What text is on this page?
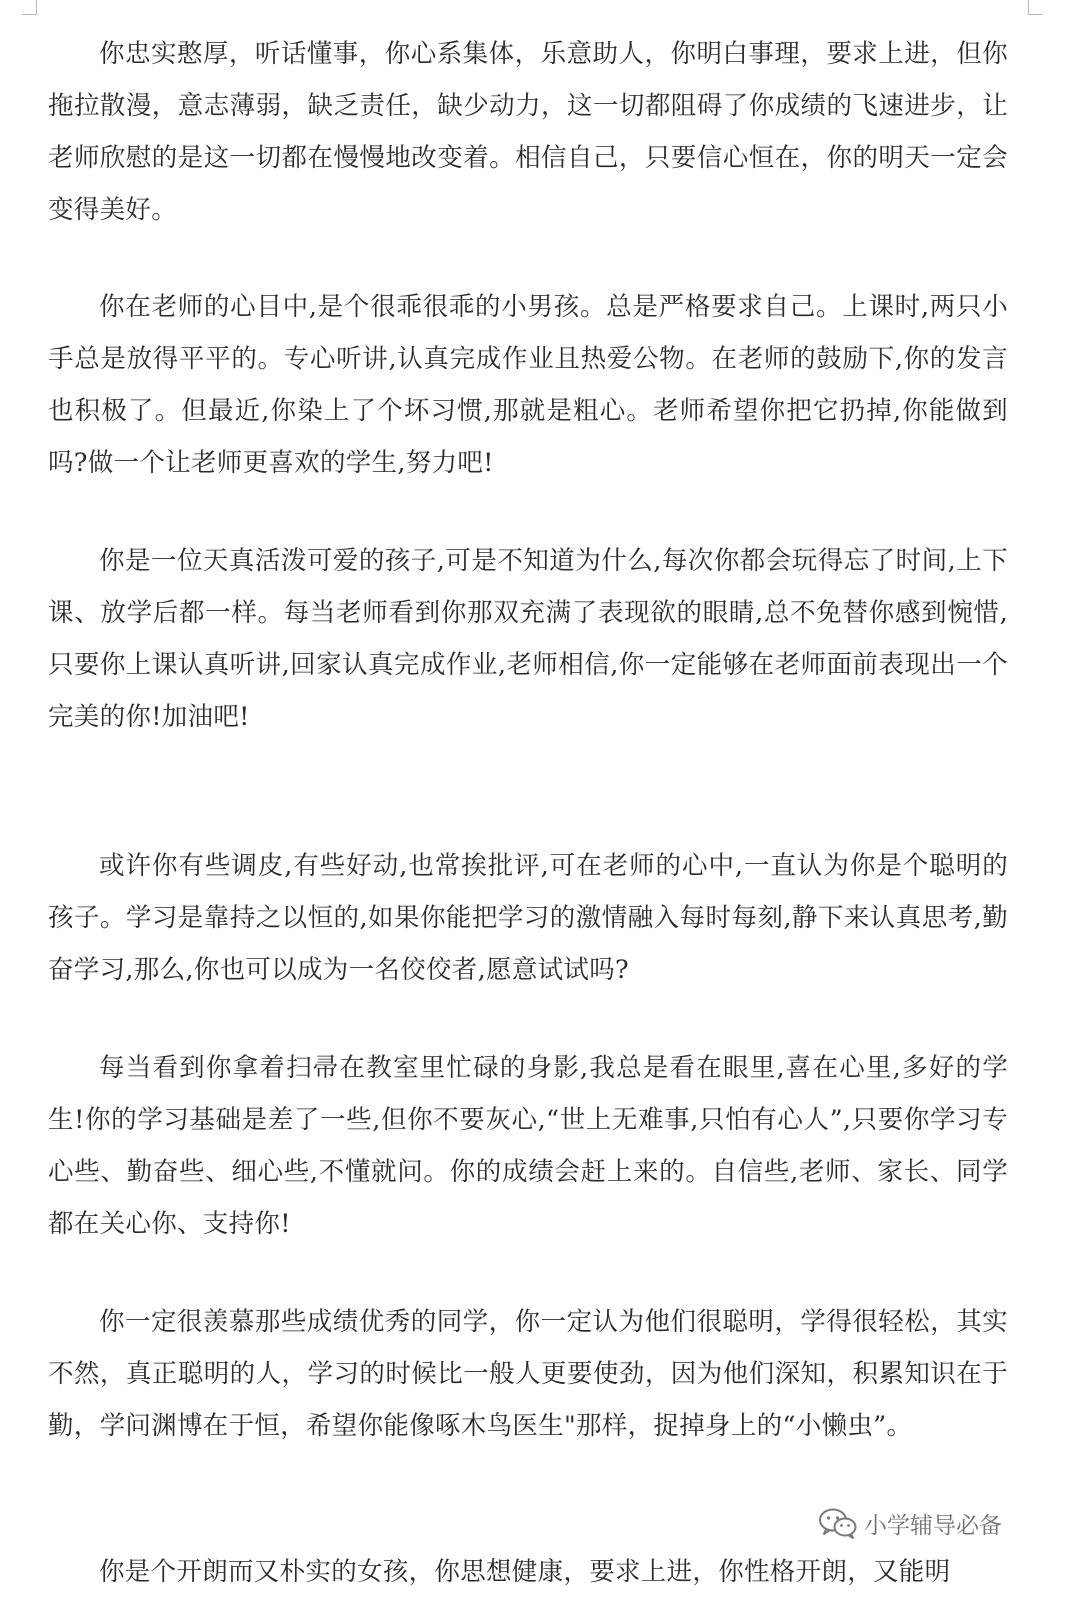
你忠实憨厚，听话懂事，你心系集体，乐意助人，你明白事理，要求上进，但你拖拉散漫，意志薄弱，缺乏责任，缺少动力，这一切都阻碍了你成绩的飞速进步，让老师欣慰的是这一切都在慢慢地改变着。相信自己，只要信心恒在，你的明天一定会变得美好。

你在老师的心目中,是个很乖很乖的小男孩。总是严格要求自己。上课时,两只小手总是放得平平的。专心听讲,认真完成作业且热爱公物。在老师的鼓励下,你的发言也积极了。但最近,你染上了个坏习惯,那就是粗心。老师希望你把它扔掉,你能做到吗?做一个让老师更喜欢的学生,努力吧!

你是一位天真活泼可爱的孩子,可是不知道为什么,每次你都会玩得忘了时间,上下课、放学后都一样。每当老师看到你那双充满了表现欲的眼睛,总不免替你感到惋惜,只要你上课认真听讲,回家认真完成作业,老师相信,你一定能够在老师面前表现出一个完美的你!加油吧!

或许你有些调皮,有些好动,也常挨批评,可在老师的心中,一直认为你是个聪明的孩子。学习是靠持之以恒的,如果你能把学习的激情融入每时每刻,静下来认真思考,勤奋学习,那么,你也可以成为一名佼佼者,愿意试试吗?

每当看到你拿着扫帚在教室里忙碌的身影,我总是看在眼里,喜在心里,多好的学生!你的学习基础是差了一些,但你不要灰心,“世上无难事,只怕有心人”,只要你学习专心些、勤奋些、细心些,不懂就问。你的成绩会赶上来的。自信些,老师、家长、同学都在关心你、支持你!

你一定很羡慕那些成绩优秀的同学，你一定认为他们很聪明，学得很轻松，其实不然，真正聪明的人，学习的时候比一般人更要使劲，因为他们深知，积累知识在于勤，学问渊博在于恒，希望你能像啄木鸟医生"那样，捉掉身上的“小懒虫”。

你是个开朗而又朴实的女孩，你思想健康，要求上进，你性格开朗，又能明

小学辅导必备
